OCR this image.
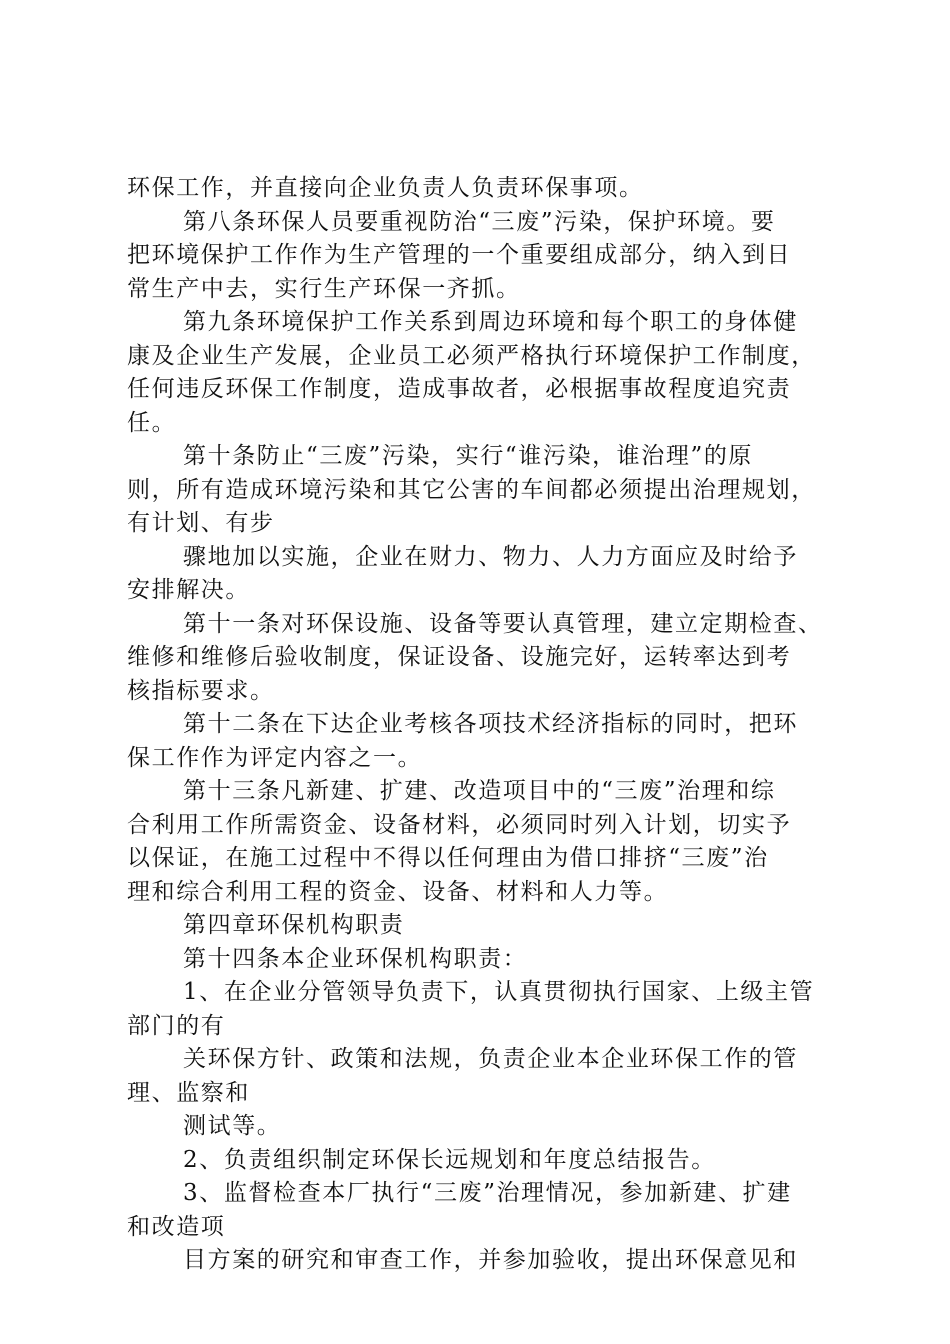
环保工作，并直接向企业负责人负责环保事项。
第八条环保人员要重视防治“三废”污染，保护环境。要
把环境保护工作作为生产管理的一个重要组成部分，纳入到日
常生产中去，实行生产环保一齐抓。
第九条环境保护工作关系到周边环境和每个职工的身体健
康及企业生产发展，企业员工必须严格执行环境保护工作制度，
任何违反环保工作制度，造成事故者，必根据事故程度追究责
任。
第十条防止“三废”污染，实行“谁污染，谁治理”的原
则，所有造成环境污染和其它公害的车间都必须提出治理规划，
有计划、有步
骤地加以实施，企业在财力、物力、人力方面应及时给予
安排解决。
第十一条对环保设施、设备等要认真管理，建立定期检查、
维修和维修后验收制度，保证设备、设施完好，运转率达到考
核指标要求。
第十二条在下达企业考核各项技术经济指标的同时，把环
保工作作为评定内容之一。
第十三条凡新建、扩建、改造项目中的“三废”治理和综
合利用工作所需资金、设备材料，必须同时列入计划，切实予
以保证，在施工过程中不得以任何理由为借口排挤“三废”治
理和综合利用工程的资金、设备、材料和人力等。
第四章环保机构职责
第十四条本企业环保机构职责：
1、在企业分管领导负责下，认真贯彻执行国家、上级主管
部门的有
关环保方针、政策和法规，负责企业本企业环保工作的管
理、监察和
测试等。
2、负责组织制定环保长远规划和年度总结报告。
3、监督检查本厂执行“三废”治理情况，参加新建、扩建
和改造项
目方案的研究和审查工作，并参加验收，提出环保意见和
